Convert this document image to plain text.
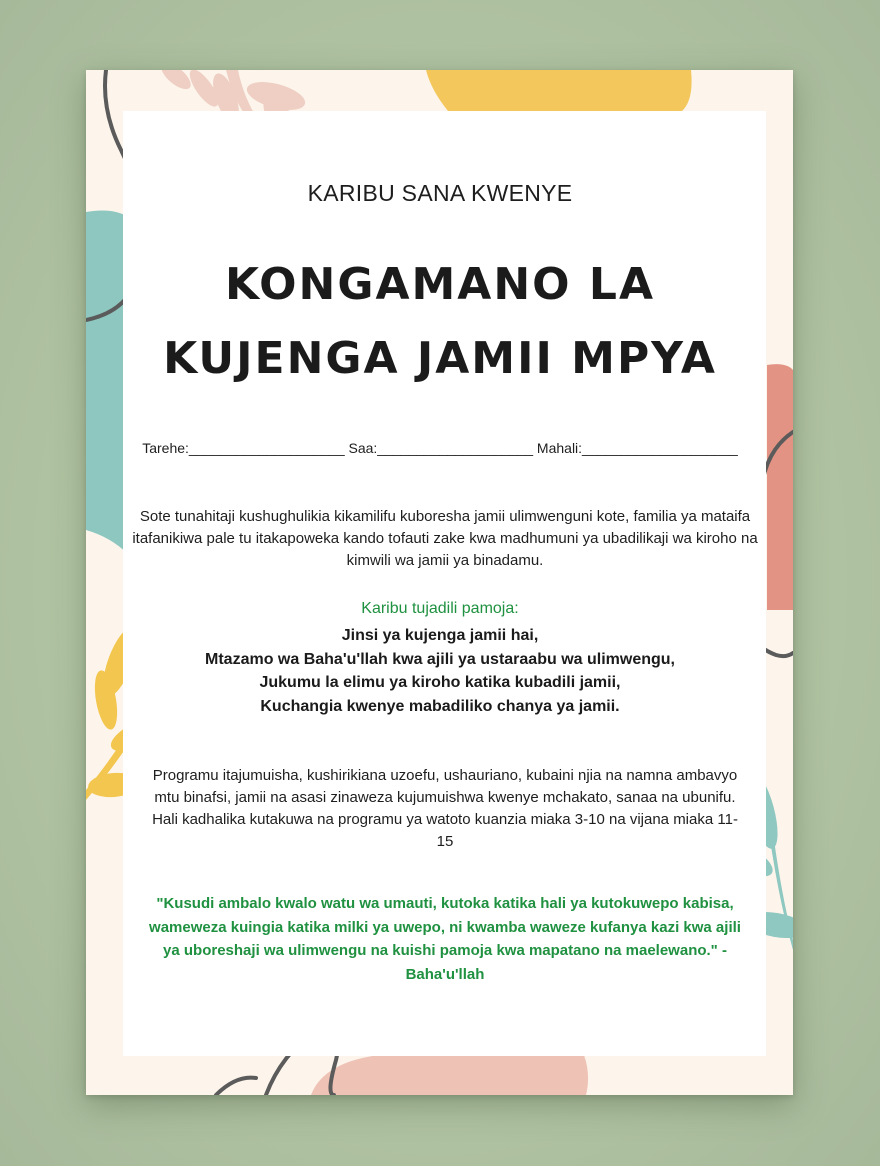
KARIBU SANA KWENYE
KONGAMANO LA
KUJENGA JAMII MPYA
Tarehe:____________________ Saa:____________________ Mahali:____________________
Sote tunahitaji kushughulikia kikamilifu kuboresha jamii ulimwenguni kote, familia ya mataifa itafanikiwa pale tu itakapoweka kando tofauti zake kwa madhumuni ya ubadilikaji wa kiroho na kimwili wa jamii ya binadamu.
Karibu tujadili pamoja:
Jinsi ya kujenga jamii hai,
Mtazamo wa Baha'u'llah kwa ajili ya ustaraabu wa ulimwengu,
Jukumu la elimu ya kiroho katika kubadili jamii,
Kuchangia kwenye mabadiliko chanya ya jamii.
Programu itajumuisha, kushirikiana uzoefu, ushauriano, kubaini njia na namna ambavyo mtu binafsi, jamii na asasi zinaweza kujumuishwa kwenye mchakato, sanaa na ubunifu. Hali kadhalika kutakuwa na programu ya watoto kuanzia miaka 3-10 na vijana miaka 11-15
"Kusudi ambalo kwalo watu wa umauti, kutoka katika hali ya kutokuwepo kabisa, wameweza kuingia katika milki ya uwepo, ni kwamba waweze kufanya kazi kwa ajili ya uboreshaji wa ulimwengu na kuishi pamoja kwa mapatano na maelewano." - Baha'u'llah
